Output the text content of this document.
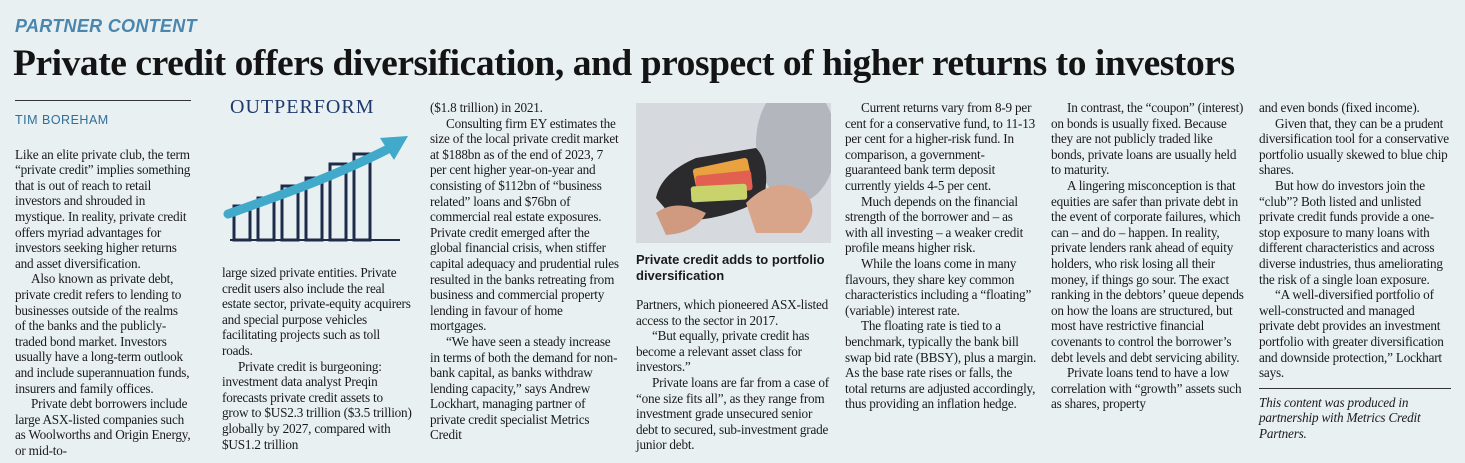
PARTNER CONTENT
Private credit offers diversification, and prospect of higher returns to investors
TIM BOREHAM

Like an elite private club, the term “private credit” implies something that is out of reach to retail investors and shrouded in mystique. In reality, private credit offers myriad advantages for investors seeking higher returns and asset diversification.

Also known as private debt, private credit refers to lending to businesses outside of the realms of the banks and the publicly-traded bond market. Investors usually have a long-term outlook and include superannuation funds, insurers and family offices.

Private debt borrowers include large ASX-listed companies such as Woolworths and Origin Energy, or mid-to-

OUTPERFORM

large sized private entities. Private credit users also include the real estate sector, private-equity acquirers and special purpose vehicles facilitating projects such as toll roads.

Private credit is burgeoning: investment data analyst Preqin forecasts private credit assets to grow to $US2.3 trillion ($3.5 trillion) globally by 2027, compared with $US1.2 trillion

($1.8 trillion) in 2021.

Consulting firm EY estimates the size of the local private credit market at $188bn as of the end of 2023, 7 per cent higher year-on-year and consisting of $112bn of “business related” loans and $76bn of commercial real estate exposures. Private credit emerged after the global financial crisis, when stiffer capital adequacy and prudential rules resulted in the banks retreating from business and commercial property lending in favour of home mortgages.

“We have seen a steady increase in terms of both the demand for non-bank capital, as banks withdraw lending capacity,” says Andrew Lockhart, managing partner of private credit specialist Metrics Credit

Private credit adds to portfolio diversification

Partners, which pioneered ASX-listed access to the sector in 2017.

“But equally, private credit has become a relevant asset class for investors.”

Private loans are far from a case of “one size fits all”, as they range from investment grade unsecured senior debt to secured, sub-investment grade junior debt.

Current returns vary from 8-9 per cent for a conservative fund, to 11-13 per cent for a higher-risk fund. In comparison, a government-guaranteed bank term deposit currently yields 4-5 per cent.

Much depends on the financial strength of the borrower and – as with all investing – a weaker credit profile means higher risk.

While the loans come in many flavours, they share key common characteristics including a “floating” (variable) interest rate.

The floating rate is tied to a benchmark, typically the bank bill swap bid rate (BBSY), plus a margin. As the base rate rises or falls, the total returns are adjusted accordingly, thus providing an inflation hedge.

In contrast, the “coupon” (interest) on bonds is usually fixed. Because they are not publicly traded like bonds, private loans are usually held to maturity.

A lingering misconception is that equities are safer than private debt in the event of corporate failures, which can – and do – happen. In reality, private lenders rank ahead of equity holders, who risk losing all their money, if things go sour. The exact ranking in the debtors’ queue depends on how the loans are structured, but most have restrictive financial covenants to control the borrower’s debt levels and debt servicing ability.

Private loans tend to have a low correlation with “growth” assets such as shares, property

and even bonds (fixed income).

Given that, they can be a prudent diversification tool for a conservative portfolio usually skewed to blue chip shares.

But how do investors join the “club”? Both listed and unlisted private credit funds provide a one-stop exposure to many loans with different characteristics and across diverse industries, thus ameliorating the risk of a single loan exposure.

“A well-diversified portfolio of well-constructed and managed private debt provides an investment portfolio with greater diversification and downside protection,” Lockhart says.

This content was produced in partnership with Metrics Credit Partners.
